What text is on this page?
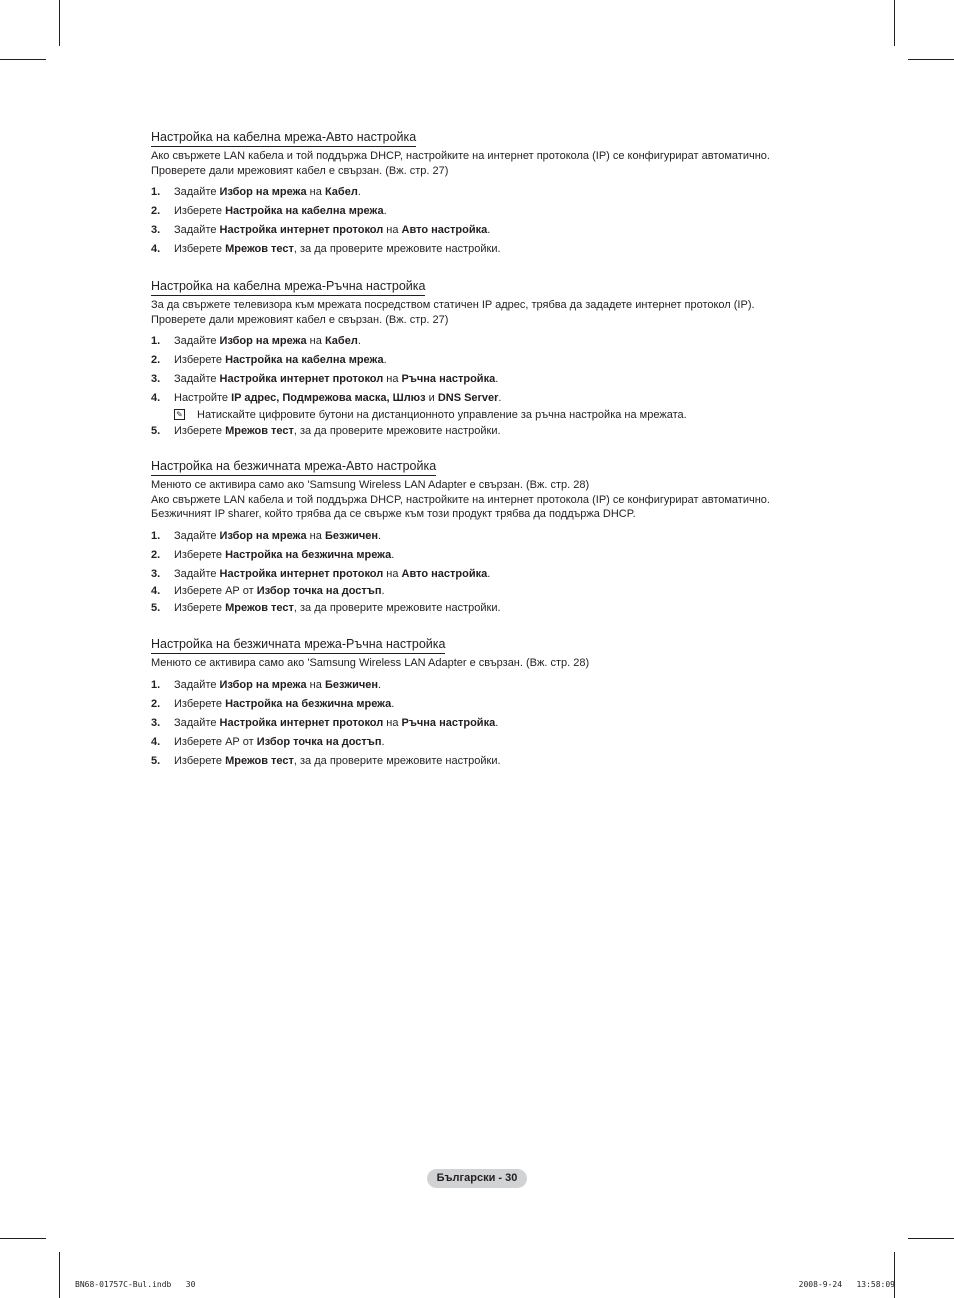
Настройка на кабелна мрежа-Авто настройка
Ако свържете LAN кабела и той поддържа DHCP, настройките на интернет протокола (IP) се конфигурират автоматично.
Проверете дали мрежовият кабел е свързан. (Вж. стр. 27)
1.	Задайте Избор на мрежа на Кабел.
2.	Изберете Настройка на кабелна мрежа.
3.	Задайте Настройка интернет протокол на Авто настройка.
4.	Изберете Мрежов тест, за да проверите мрежовите настройки.
Настройка на кабелна мрежа-Ръчна настройка
За да свържете телевизора към мрежата посредством статичен IP адрес, трябва да зададете интернет протокол (IP).
Проверете дали мрежовият кабел е свързан. (Вж. стр. 27)
1.	Задайте Избор на мрежа на Кабел.
2.	Изберете Настройка на кабелна мрежа.
3.	Задайте Настройка интернет протокол на Ръчна настройка.
4.	Настройте IP адрес, Подмрежова маска, Шлюз и DNS Server.
✎ Натискайте цифровите бутони на дистанционното управление за ръчна настройка на мрежата.
5.	Изберете Мрежов тест, за да проверите мрежовите настройки.
Настройка на безжичната мрежа-Авто настройка
Менюто се активира само ако 'Samsung Wireless LAN Adapter е свързан. (Вж. стр. 28)
Ако свържете LAN кабела и той поддържа DHCP, настройките на интернет протокола (IP) се конфигурират автоматично.
Безжичният IP sharer, който трябва да се свърже към този продукт трябва да поддържа DHCP.
1.	Задайте Избор на мрежа на Безжичен.
2.	Изберете Настройка на безжична мрежа.
3.	Задайте Настройка интернет протокол на Авто настройка.
4.	Изберете АР от Избор точка на достъп.
5.	Изберете Мрежов тест, за да проверите мрежовите настройки.
Настройка на безжичната мрежа-Ръчна настройка
Менюто се активира само ако 'Samsung Wireless LAN Adapter е свързан. (Вж. стр. 28)
1.	Задайте Избор на мрежа на Безжичен.
2.	Изберете Настройка на безжична мрежа.
3.	Задайте Настройка интернет протокол на Ръчна настройка.
4.	Изберете АР от Избор точка на достъп.
5.	Изберете Мрежов тест, за да проверите мрежовите настройки.
Български - 30
BN68-01757C-Bul.indb   30	2008-9-24   13:58:09
